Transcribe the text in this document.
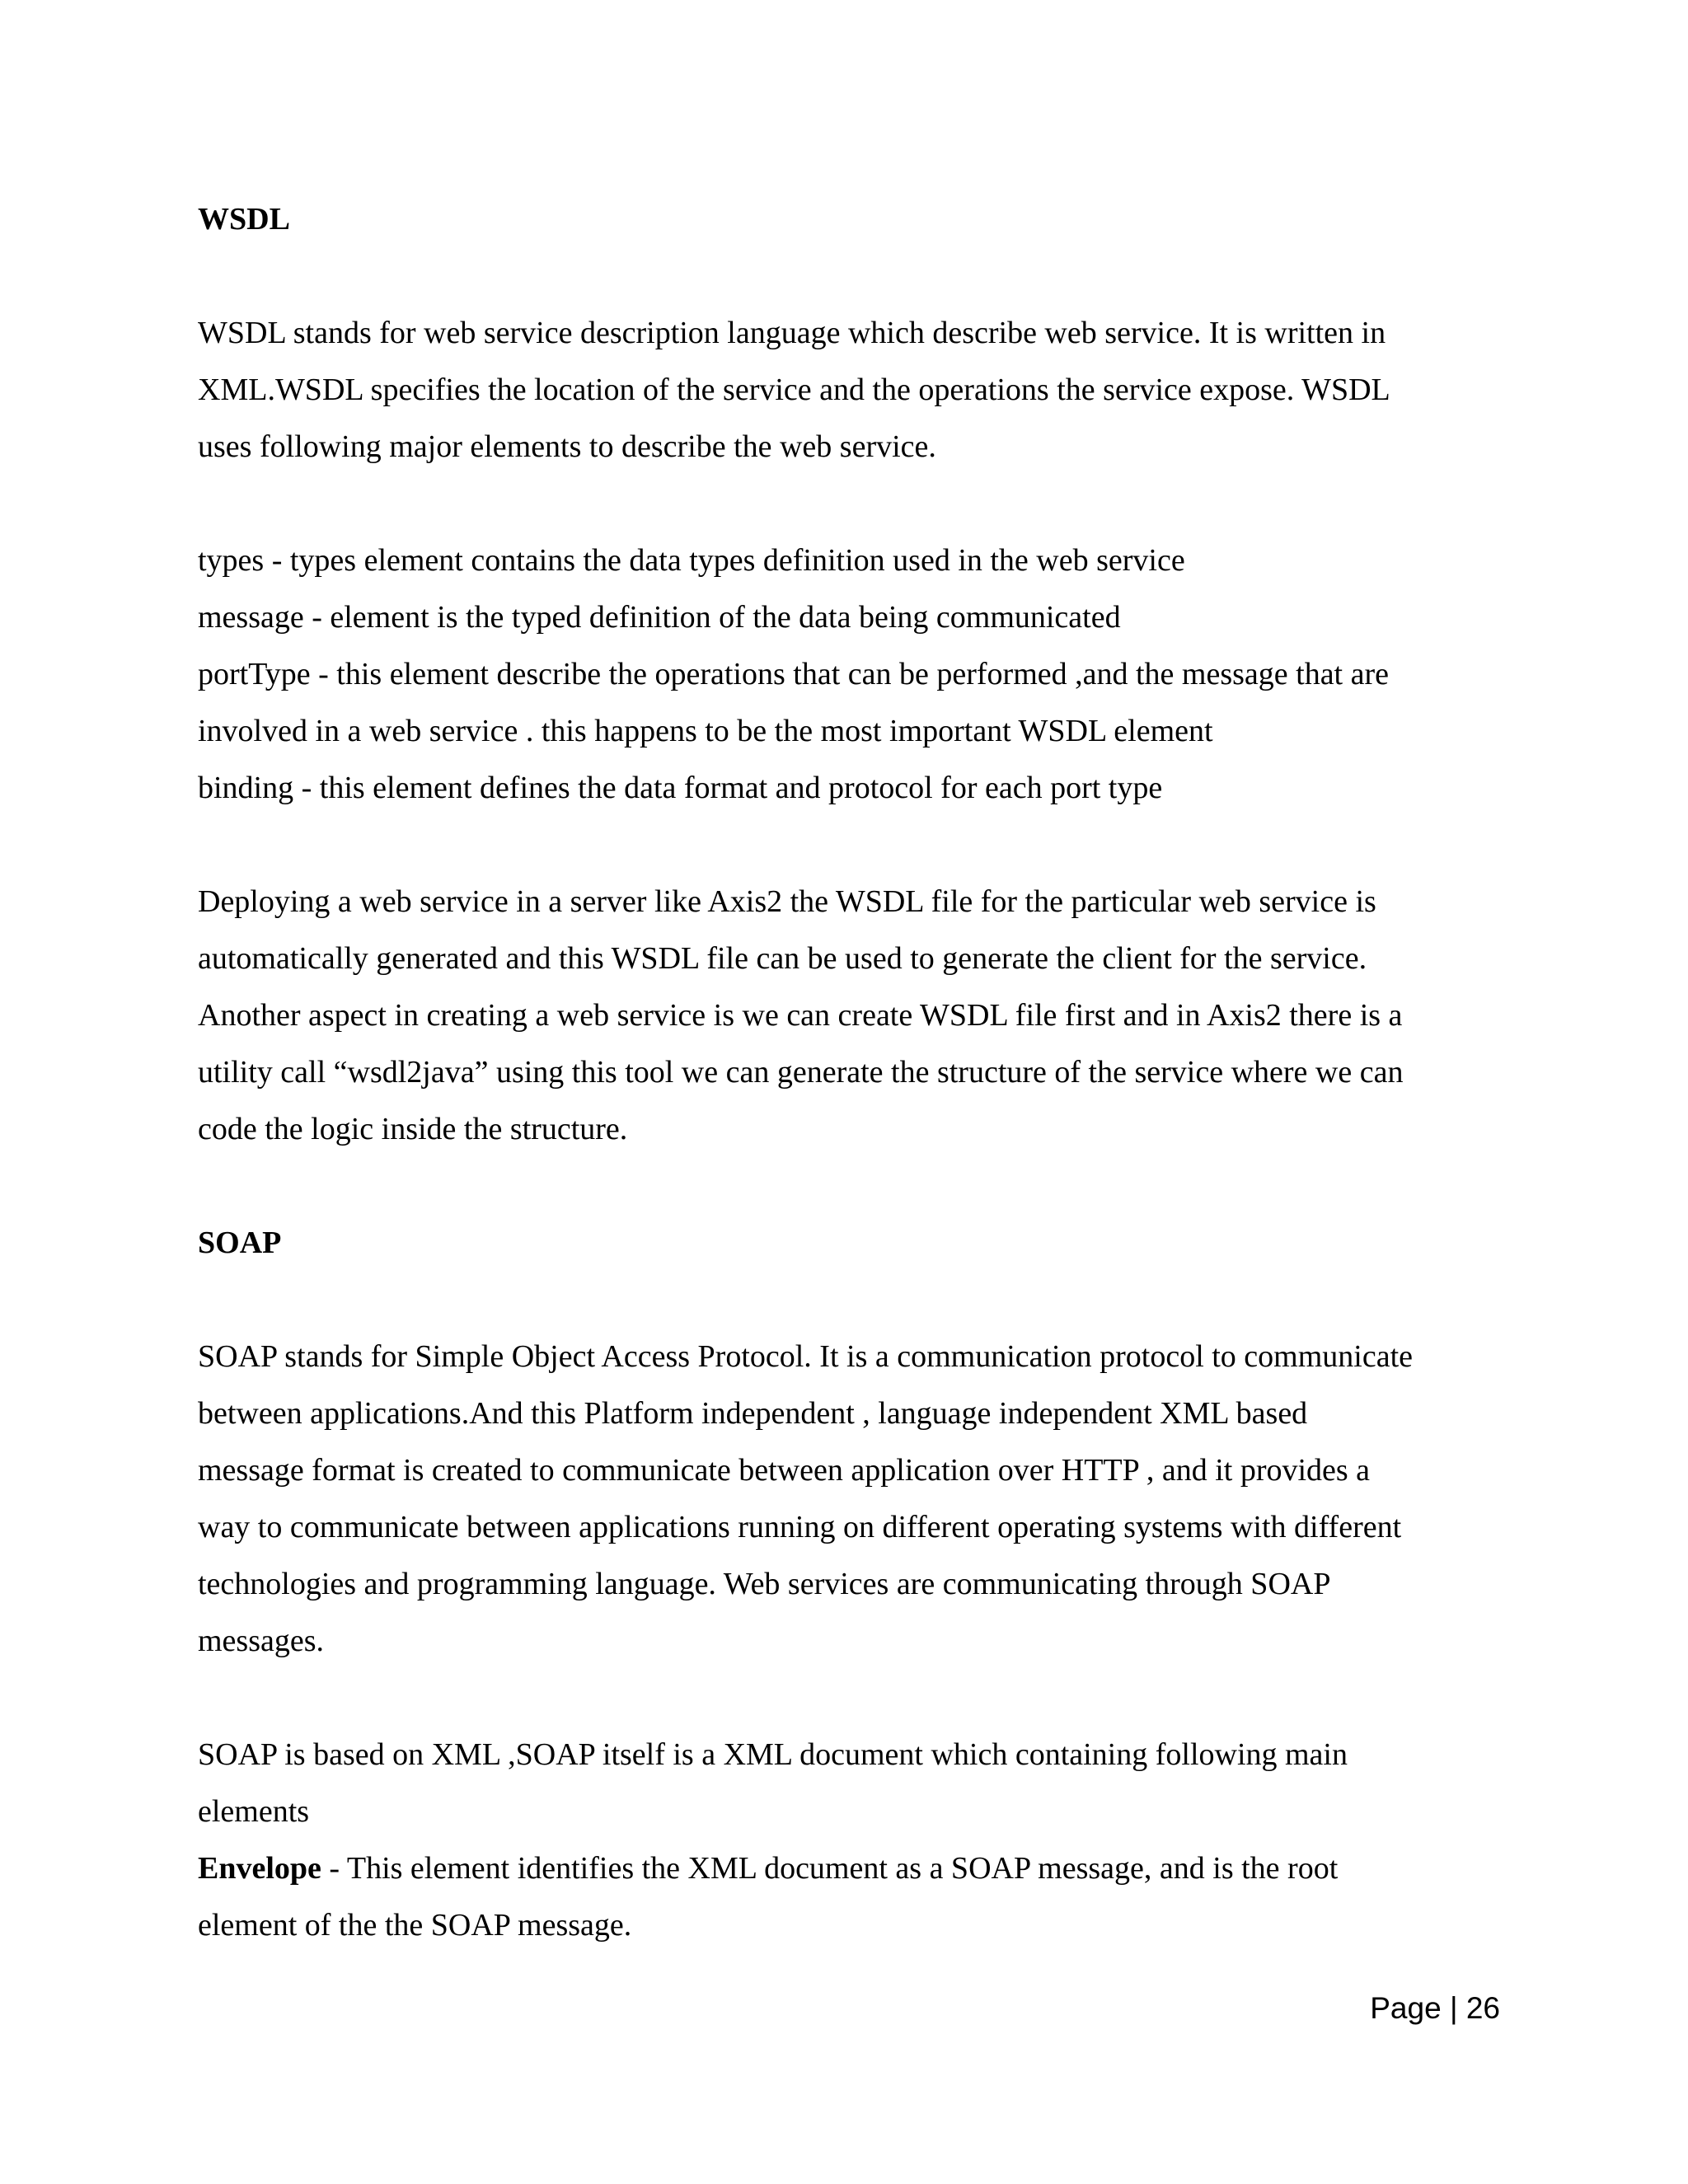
WSDL
WSDL stands for web service description language which describe web service. It is written in
XML.WSDL specifies the location of the service and the operations the service expose. WSDL
uses following major elements to describe the web service.
types - types element contains the data types definition used in the web service
message - element is the typed definition of the data being communicated
portType - this element describe the operations that can be performed ,and the message that are
involved in a web service . this happens to be the most important WSDL element
binding - this element defines the data format and protocol for each port type
Deploying a web service in a server like Axis2 the WSDL file for the particular web service is
automatically generated and this WSDL file can be used to generate the client for the service.
Another aspect in creating a web service is we can create WSDL file first and in Axis2 there is a
utility call “wsdl2java” using this tool we can generate the structure of the service where we can
code the logic inside the structure.
SOAP
SOAP stands for Simple Object Access Protocol. It is a communication protocol to communicate
between applications.And this Platform independent , language independent XML based
message format is created to communicate between application over HTTP , and it provides a
way to communicate between applications running on different operating systems with different
technologies and programming language. Web services are communicating through SOAP
messages.
SOAP is based on XML ,SOAP itself is a XML document which containing following main
elements
Envelope - This element identifies the XML document as a SOAP message, and is the root
element of the the SOAP message.
Page | 26
